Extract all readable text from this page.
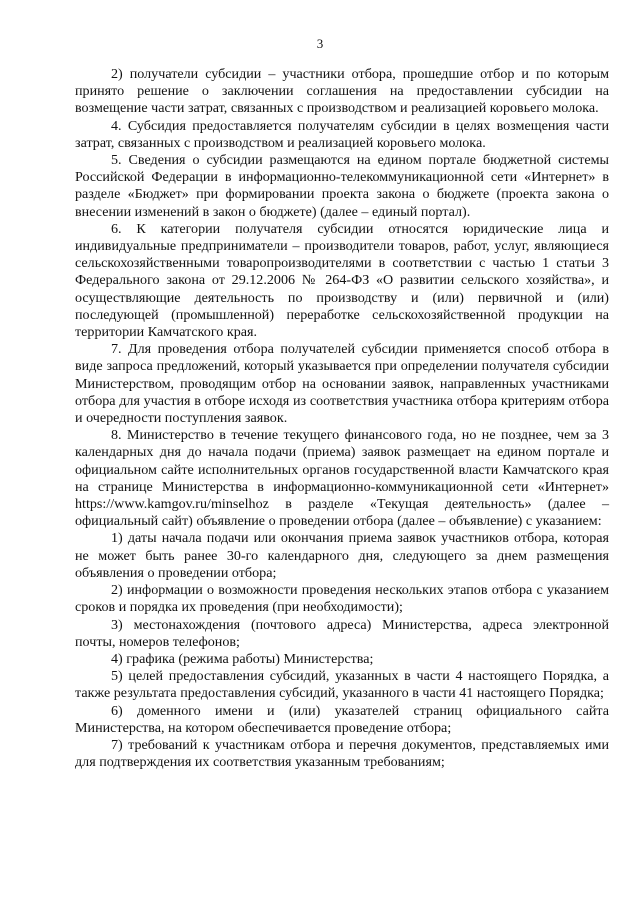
3

2) получатели субсидии – участники отбора, прошедшие отбор и по которым принято решение о заключении соглашения на предоставлении субсидии на возмещение части затрат, связанных с производством и реализацией коровьего молока.

4. Субсидия предоставляется получателям субсидии в целях возмещения части затрат, связанных с производством и реализацией коровьего молока.

5. Сведения о субсидии размещаются на едином портале бюджетной системы Российской Федерации в информационно-телекоммуникационной сети «Интернет» в разделе «Бюджет» при формировании проекта закона о бюджете (проекта закона о внесении изменений в закон о бюджете) (далее – единый портал).

6. К категории получателя субсидии относятся юридические лица и индивидуальные предприниматели – производители товаров, работ, услуг, являющиеся сельскохозяйственными товаропроизводителями в соответствии с частью 1 статьи 3 Федерального закона от 29.12.2006 № 264-ФЗ «О развитии сельского хозяйства», и осуществляющие деятельность по производству и (или) первичной и (или) последующей (промышленной) переработке сельскохозяйственной продукции на территории Камчатского края.

7. Для проведения отбора получателей субсидии применяется способ отбора в виде запроса предложений, который указывается при определении получателя субсидии Министерством, проводящим отбор на основании заявок, направленных участниками отбора для участия в отборе исходя из соответствия участника отбора критериям отбора и очередности поступления заявок.

8. Министерство в течение текущего финансового года, но не позднее, чем за 3 календарных дня до начала подачи (приема) заявок размещает на едином портале и официальном сайте исполнительных органов государственной власти Камчатского края на странице Министерства в информационно-коммуникационной сети «Интернет» https://www.kamgov.ru/minselhoz в разделе «Текущая деятельность» (далее – официальный сайт) объявление о проведении отбора (далее – объявление) с указанием:

1) даты начала подачи или окончания приема заявок участников отбора, которая не может быть ранее 30-го календарного дня, следующего за днем размещения объявления о проведении отбора;

2) информации о возможности проведения нескольких этапов отбора с указанием сроков и порядка их проведения (при необходимости);

3) местонахождения (почтового адреса) Министерства, адреса электронной почты, номеров телефонов;

4) графика (режима работы) Министерства;

5) целей предоставления субсидий, указанных в части 4 настоящего Порядка, а также результата предоставления субсидий, указанного в части 41 настоящего Порядка;

6) доменного имени и (или) указателей страниц официального сайта Министерства, на котором обеспечивается проведение отбора;

7) требований к участникам отбора и перечня документов, представляемых ими для подтверждения их соответствия указанным требованиям;
